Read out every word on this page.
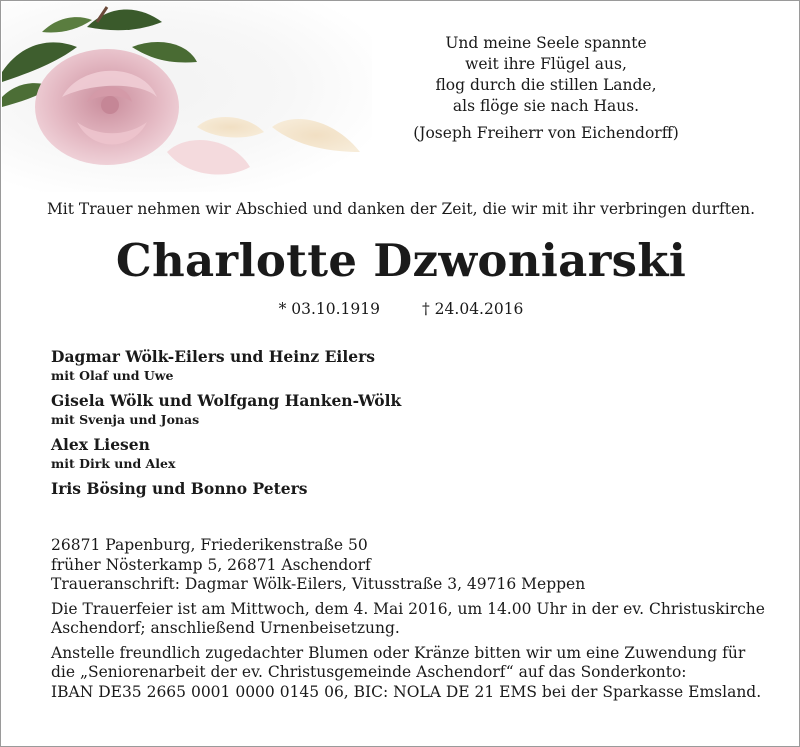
Und meine Seele spannte
weit ihre Flügel aus,
flog durch die stillen Lande,
als flöge sie nach Haus.
(Joseph Freiherr von Eichendorff)
Mit Trauer nehmen wir Abschied und danken der Zeit, die wir mit ihr verbringen durften.
Charlotte Dzwoniarski
* 03.10.1919	† 24.04.2016
Dagmar Wölk-Eilers und Heinz Eilers
mit Olaf und Uwe
Gisela Wölk und Wolfgang Hanken-Wölk
mit Svenja und Jonas
Alex Liesen
mit Dirk und Alex
Iris Bösing und Bonno Peters
26871 Papenburg, Friederikenstraße 50
früher Nösterkamp 5, 26871 Aschendorf
Traueranschrift: Dagmar Wölk-Eilers, Vitusstraße 3, 49716 Meppen
Die Trauerfeier ist am Mittwoch, dem 4. Mai 2016, um 14.00 Uhr in der ev. Christuskirche
Aschendorf; anschließend Urnenbeisetzung.
Anstelle freundlich zugedachter Blumen oder Kränze bitten wir um eine Zuwendung für
die „Seniorenarbeit der ev. Christusgemeinde Aschendorf“ auf das Sonderkonto:
IBAN DE35 2665 0001 0000 0145 06, BIC: NOLA DE 21 EMS bei der Sparkasse Emsland.
